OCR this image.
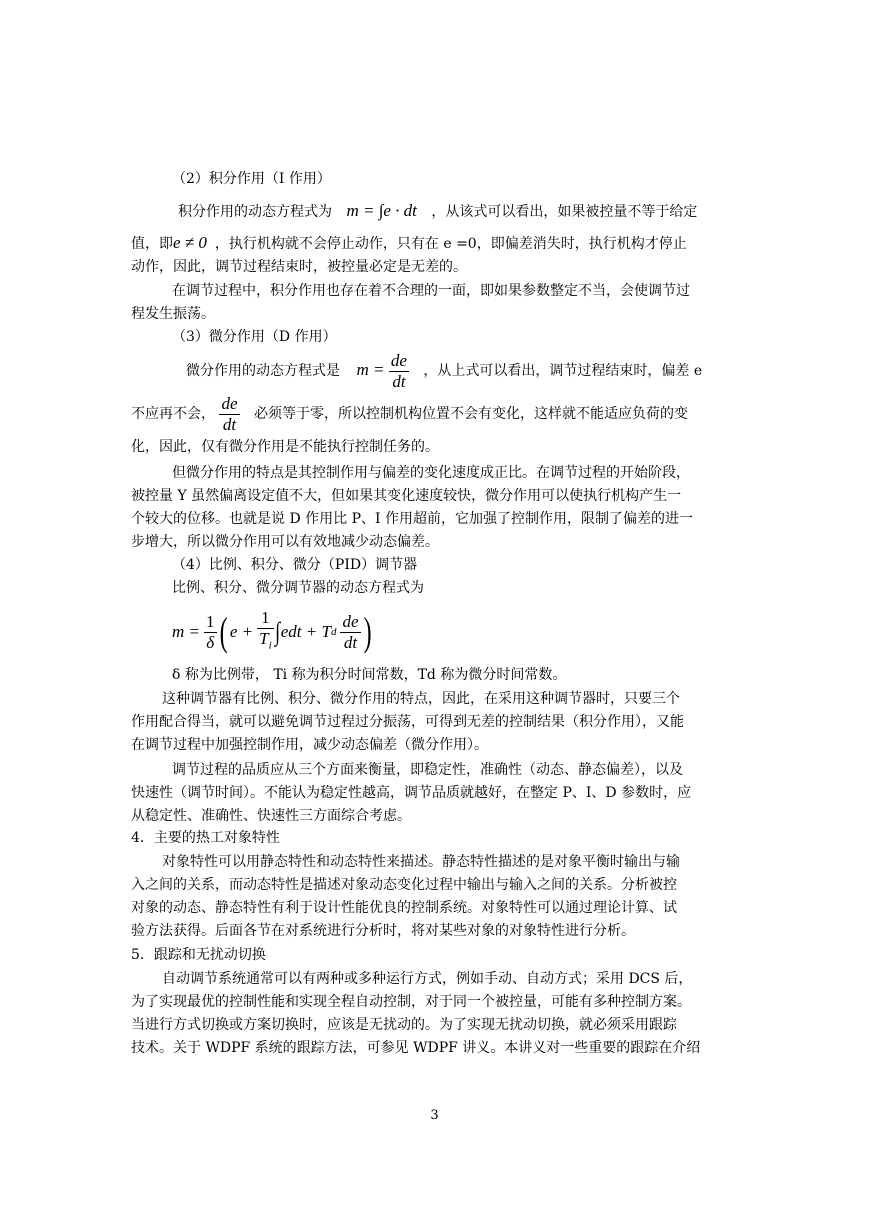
（2）积分作用（I 作用）
积分作用的动态方程式为 m = ∫e · dt ，从该式可以看出，如果被控量不等于给定
值，即e ≠ 0 ，执行机构就不会停止动作，只有在 e =0，即偏差消失时，执行机构才停止
动作，因此，调节过程结束时，被控量必定是无差的。
在调节过程中，积分作用也存在着不合理的一面，即如果参数整定不当，会使调节过
程发生振荡。
（3）微分作用（D 作用）
微分作用的动态方程式是 $m = \frac{de}{dt}$ ，从上式可以看出，调节过程结束时，偏差 e
不应再不会， $\frac{de}{dt}$ 必须等于零，所以控制机构位置不会有变化，这样就不能适应负荷的变
化，因此，仅有微分作用是不能执行控制任务的。
但微分作用的特点是其控制作用与偏差的变化速度成正比。在调节过程的开始阶段，
被控量 Y 虽然偏离设定值不大，但如果其变化速度较快，微分作用可以使执行机构产生一
个较大的位移。也就是说 D 作用比 P、I 作用超前，它加强了控制作用，限制了偏差的进一
步增大，所以微分作用可以有效地减少动态偏差。
（4）比例、积分、微分（PID）调节器
比例、积分、微分调节器的动态方程式为
$m = \frac{1}{\delta}$ ( $e + \frac{1}{T_i}$ ∫ edt + T d $\frac{de}{dt}$ )
δ 称为比例带， Ti 称为积分时间常数，Td 称为微分时间常数。
这种调节器有比例、积分、微分作用的特点，因此，在采用这种调节器时，只要三个
作用配合得当，就可以避免调节过程过分振荡，可得到无差的控制结果（积分作用），又能
在调节过程中加强控制作用，减少动态偏差（微分作用）。
调节过程的品质应从三个方面来衡量，即稳定性，准确性（动态、静态偏差），以及
快速性（调节时间）。不能认为稳定性越高，调节品质就越好，在整定 P、I、D 参数时，应
从稳定性、准确性、快速性三方面综合考虑。
4．主要的热工对象特性
对象特性可以用静态特性和动态特性来描述。静态特性描述的是对象平衡时输出与输
入之间的关系，而动态特性是描述对象动态变化过程中输出与输入之间的关系。分析被控
对象的动态、静态特性有利于设计性能优良的控制系统。对象特性可以通过理论计算、试
验方法获得。后面各节在对系统进行分析时，将对某些对象的对象特性进行分析。
5．跟踪和无扰动切换
自动调节系统通常可以有两种或多种运行方式，例如手动、自动方式；采用 DCS 后，
为了实现最优的控制性能和实现全程自动控制，对于同一个被控量，可能有多种控制方案。
当进行方式切换或方案切换时，应该是无扰动的。为了实现无扰动切换，就必须采用跟踪
技术。关于 WDPF 系统的跟踪方法，可参见 WDPF 讲义。本讲义对一些重要的跟踪在介绍
3
